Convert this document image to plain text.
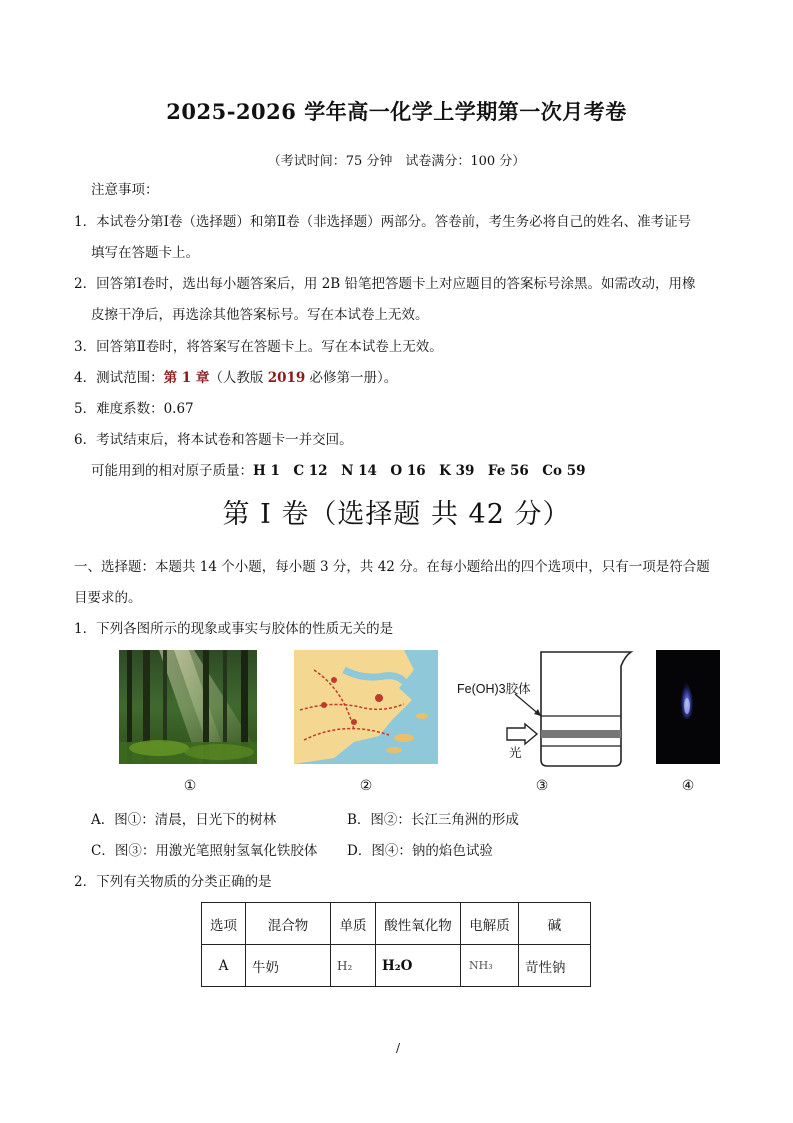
2025-2026 学年高一化学上学期第一次月考卷
（考试时间：75 分钟　试卷满分：100 分）
注意事项：
1．本试卷分第Ⅰ卷（选择题）和第Ⅱ卷（非选择题）两部分。答卷前，考生务必将自己的姓名、准考证号
填写在答题卡上。
2．回答第Ⅰ卷时，选出每小题答案后，用 2B 铅笔把答题卡上对应题目的答案标号涂黑。如需改动，用橡
皮擦干净后，再选涂其他答案标号。写在本试卷上无效。
3．回答第Ⅱ卷时，将答案写在答题卡上。写在本试卷上无效。
4．测试范围：第 1 章（人教版 2019 必修第一册）。
5．难度系数：0.67
6．考试结束后，将本试卷和答题卡一并交回。
可能用到的相对原子质量：H 1　C 12　N 14　O 16　K 39　Fe 56　Co 59
第 I 卷（选择题 共 42 分）
一、选择题：本题共 14 个小题，每小题 3 分，共 42 分。在每小题给出的四个选项中，只有一项是符合题
目要求的。
1．下列各图所示的现象或事实与胶体的性质无关的是
Fe(OH)3胶体
光
①	②	③	④
A．图①：清晨，日光下的树林	B．图②：长江三角洲的形成
C．图③：用激光笔照射氢氧化铁胶体 D．图④：钠的焰色试验
2．下列有关物质的分类正确的是
选项	混合物	单质	酸性氧化物	电解质	碱
A	牛奶	H₂	H₂O	NH₃	苛性钠
/
